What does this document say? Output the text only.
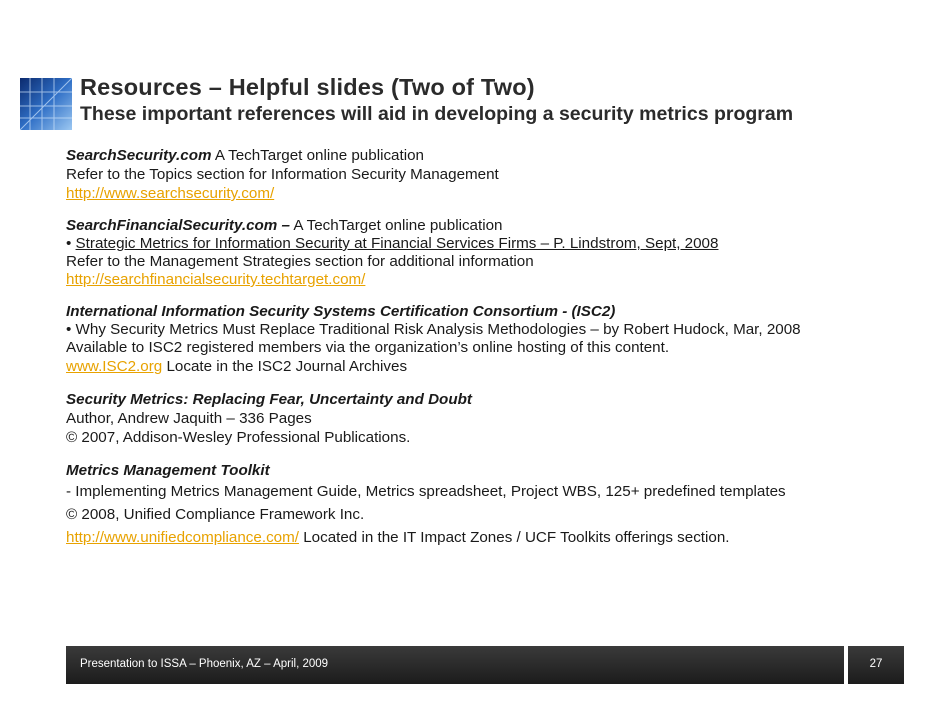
Resources – Helpful slides (Two of Two)
These important references will aid in developing a security metrics program
SearchSecurity.com A TechTarget online publication
Refer to the Topics section for Information Security Management
http://www.searchsecurity.com/
SearchFinancialSecurity.com – A TechTarget online publication
• Strategic Metrics for Information Security at Financial Services Firms – P. Lindstrom, Sept, 2008
Refer to the Management Strategies section for additional information
http://searchfinancialsecurity.techtarget.com/
International Information Security Systems Certification Consortium - (ISC2)
• Why Security Metrics Must Replace Traditional Risk Analysis Methodologies – by Robert Hudock, Mar, 2008
Available to ISC2 registered members via the organization’s online hosting of this content.
www.ISC2.org Locate in the ISC2 Journal Archives
Security Metrics: Replacing Fear, Uncertainty and Doubt
Author, Andrew Jaquith – 336 Pages
© 2007, Addison-Wesley Professional Publications.
Metrics Management Toolkit
- Implementing Metrics Management Guide, Metrics spreadsheet, Project WBS, 125+ predefined templates
© 2008, Unified Compliance Framework Inc.
http://www.unifiedcompliance.com/ Located in the IT Impact Zones / UCF Toolkits offerings section.
Presentation to ISSA – Phoenix, AZ – April, 2009	27
